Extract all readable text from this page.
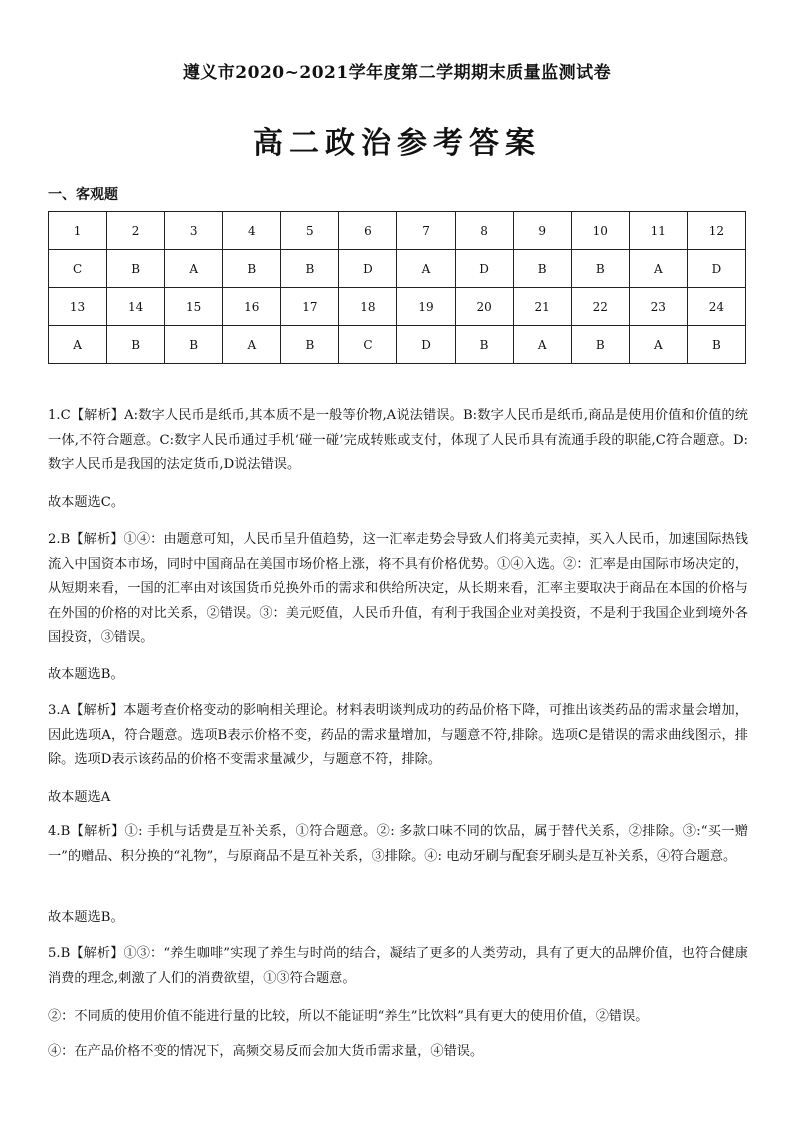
遵义市2020~2021学年度第二学期期末质量监测试卷
高二政治参考答案
一、客观题
1	2	3	4	5	6	7	8	9	10	11	12
C	B	A	B	B	D	A	D	B	B	A	D
13	14	15	16	17	18	19	20	21	22	23	24
A	B	B	A	B	C	D	B	A	B	A	B

1.C【解析】A:数字人民币是纸币,其本质不是一般等价物,A说法错误。B:数字人民币是纸币,商品是使用价值和价值的统一体,不符合题意。C:数字人民币通过手机‘碰一碰’完成转账或支付，体现了人民币具有流通手段的职能,C符合题意。D:数字人民币是我国的法定货币,D说法错误。

故本题选C。

2.B【解析】①④：由题意可知，人民币呈升值趋势，这一汇率走势会导致人们将美元卖掉，买入人民币，加速国际热钱流入中国资本市场，同时中国商品在美国市场价格上涨，将不具有价格优势。①④入选。②：汇率是由国际市场决定的，从短期来看，一国的汇率由对该国货币兑换外币的需求和供给所决定，从长期来看，汇率主要取决于商品在本国的价格与在外国的价格的对比关系，②错误。③：美元贬值，人民币升值，有利于我国企业对美投资，不是利于我国企业到境外各国投资，③错误。

故本题选B。

3.A【解析】本题考查价格变动的影响相关理论。材料表明谈判成功的药品价格下降，可推出该类药品的需求量会增加，因此选项A，符合题意。选项B表示价格不变，药品的需求量增加，与题意不符,排除。选项C是错误的需求曲线图示，排除。选项D表示该药品的价格不变需求量减少，与题意不符，排除。

故本题选A

4.B【解析】①: 手机与话费是互补关系，①符合题意。②: 多款口味不同的饮品，属于替代关系，②排除。③:“买一赠一”的赠品、积分换的“礼物”，与原商品不是互补关系，③排除。④: 电动牙刷与配套牙刷头是互补关系，④符合题意。

故本题选B。

5.B【解析】①③：“养生咖啡”实现了养生与时尚的结合，凝结了更多的人类劳动，具有了更大的品牌价值，也符合健康消费的理念,刺激了人们的消费欲望，①③符合题意。

②：不同质的使用价值不能进行量的比较，所以不能证明“养生”比饮料”具有更大的使用价值，②错误。

④：在产品价格不变的情况下，高频交易反而会加大货币需求量，④错误。
